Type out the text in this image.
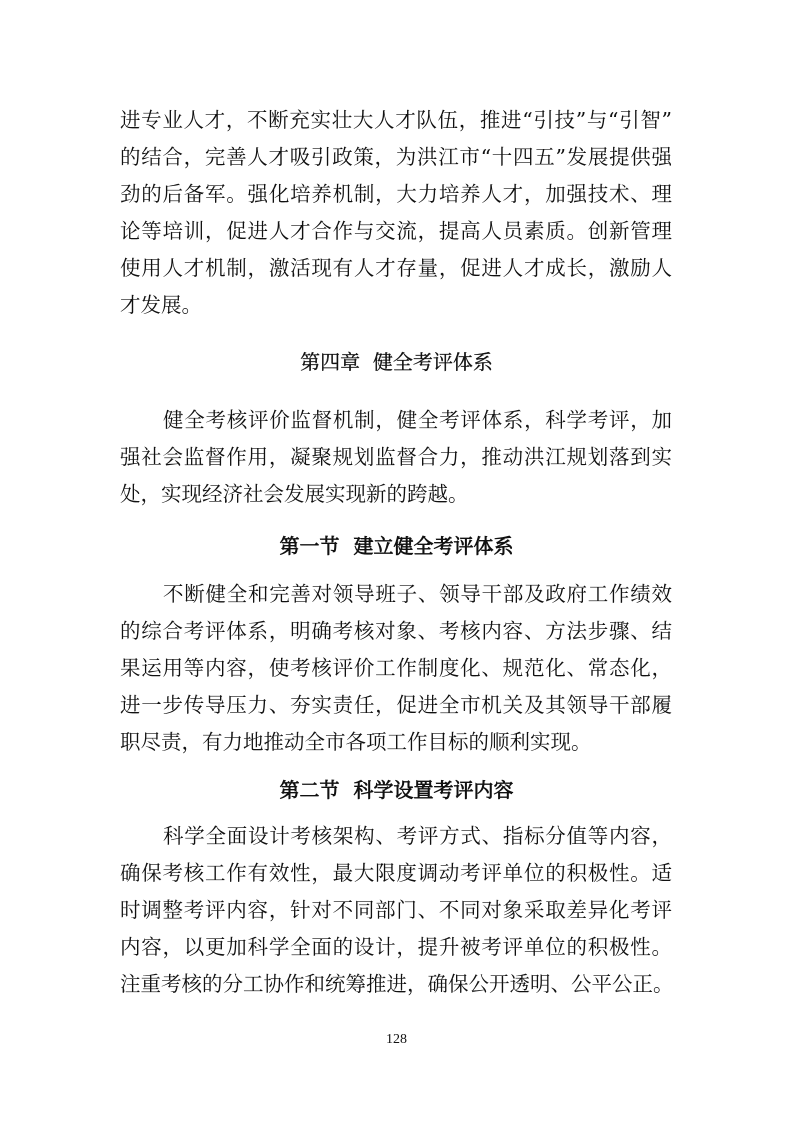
进专业人才，不断充实壮大人才队伍，推进“引技”与“引智”
的结合，完善人才吸引政策，为洪江市“十四五”发展提供强
劲的后备军。强化培养机制，大力培养人才，加强技术、理
论等培训，促进人才合作与交流，提高人员素质。创新管理
使用人才机制，激活现有人才存量，促进人才成长，激励人
才发展。
第四章  健全考评体系
健全考核评价监督机制，健全考评体系，科学考评，加
强社会监督作用，凝聚规划监督合力，推动洪江规划落到实
处，实现经济社会发展实现新的跨越。
第一节  建立健全考评体系
不断健全和完善对领导班子、领导干部及政府工作绩效
的综合考评体系，明确考核对象、考核内容、方法步骤、结
果运用等内容，使考核评价工作制度化、规范化、常态化，
进一步传导压力、夯实责任，促进全市机关及其领导干部履
职尽责，有力地推动全市各项工作目标的顺利实现。
第二节  科学设置考评内容
科学全面设计考核架构、考评方式、指标分值等内容，
确保考核工作有效性，最大限度调动考评单位的积极性。适
时调整考评内容，针对不同部门、不同对象采取差异化考评
内容，以更加科学全面的设计，提升被考评单位的积极性。
注重考核的分工协作和统筹推进，确保公开透明、公平公正。
128
